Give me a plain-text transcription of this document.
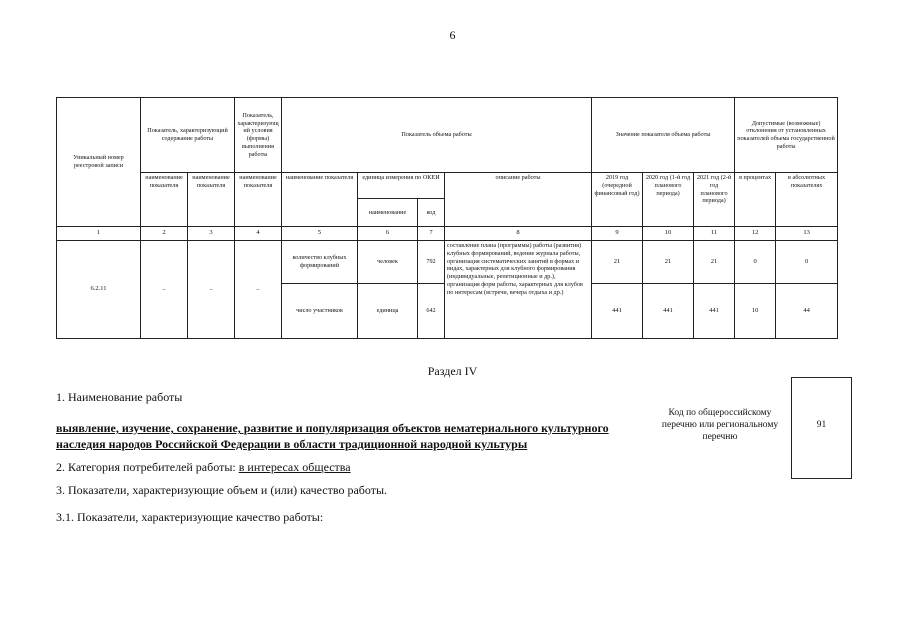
6
Уникальный номер реестровой записи	Показатель, характеризующий содержание работы		Показатель, характеризующий условия (формы) выполнения работы	Показатель объема работы				Значение показателя объема работы			Допустимые (возможные) отклонения от установленных показателей объема государственной работы	
	наименование показателя	наименование показателя	наименование показателя	наименование показателя	единица измерения по ОКЕИ		описание работы	2019 год (очередной финансовый год)	2020 год (1-й год планового периода)	2021 год (2-й год планового периода)	в процентах	в абсолютных показателях
					наименование	код						
1	2	3	4	5	6	7	8	9	10	11	12	13
6.2.11	–	–	–	количество клубных формирований	человек	792	составление плана (программы) работы (развития) клубных формирований, ведение журнала работы, организация систематических занятий в формах и видах, характерных для клубного формирования (индивидуальные, репетиционные и др.), организация форм работы, характерных для клубов по интересам (встречи, вечера отдыха и др.)	21	21	21	0	0
				число участников	единица	642		441	441	441	10	44
Раздел IV
1. Наименование работы
выявление, изучение, сохранение, развитие и популяризация объектов нематериального культурного
наследия народов Российской Федерации в области традиционной народной культуры
2. Категория потребителей работы: в интересах общества
3. Показатели, характеризующие объем и (или) качество работы.
3.1. Показатели, характеризующие качество работы:
Код по общероссийскому перечню или региональному перечню
91
